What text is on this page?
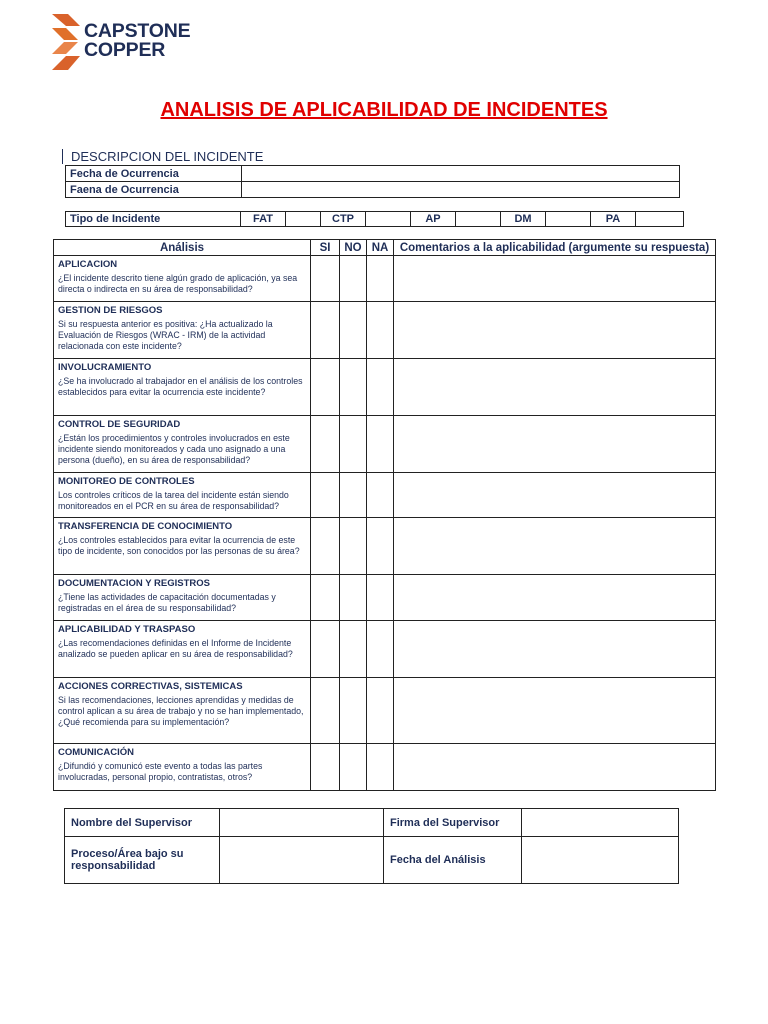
CAPSTONE
COPPER
ANALISIS DE APLICABILIDAD DE INCIDENTES
DESCRIPCION DEL INCIDENTE
Fecha de Ocurrencia	
Faena de Ocurrencia	
Tipo de Incidente	FAT		CTP		AP		DM		PA	
Análisis	SI	NO	NA	Comentarios a la aplicabilidad (argumente su respuesta)

APLICACION
¿El incidente descrito tiene algún grado de aplicación, ya sea directa o indirecta en su área de responsabilidad?				

GESTION DE RIESGOS
Si su respuesta anterior es positiva: ¿Ha actualizado la Evaluación de Riesgos (WRAC - IRM) de la actividad relacionada con este incidente?				

INVOLUCRAMIENTO
¿Se ha involucrado al trabajador en el análisis de los controles establecidos para evitar la ocurrencia este incidente?				

CONTROL DE SEGURIDAD
¿Están los procedimientos y controles involucrados en este incidente siendo monitoreados y cada uno asignado a una persona (dueño), en su área de responsabilidad?				

MONITOREO DE CONTROLES
Los controles críticos de la tarea del incidente están siendo monitoreados en el PCR en su área de responsabilidad?				

TRANSFERENCIA DE CONOCIMIENTO
¿Los controles establecidos para evitar la ocurrencia de este tipo de incidente, son conocidos por las personas de su área?				

DOCUMENTACION Y REGISTROS
¿Tiene las actividades de capacitación documentadas y registradas en el área de su responsabilidad?				

APLICABILIDAD Y TRASPASO
¿Las recomendaciones definidas en el Informe de Incidente analizado se pueden aplicar en su área de responsabilidad?				

ACCIONES CORRECTIVAS, SISTEMICAS
Si las recomendaciones, lecciones aprendidas y medidas de control aplican a su área de trabajo y no se han implementado, ¿Qué recomienda para su implementación?				

COMUNICACIÓN
¿Difundió y comunicó este evento a todas las partes involucradas, personal propio, contratistas, otros?				

Nombre del Supervisor		Firma del Supervisor	
Proceso/Área bajo su responsabilidad		Fecha del Análisis	
